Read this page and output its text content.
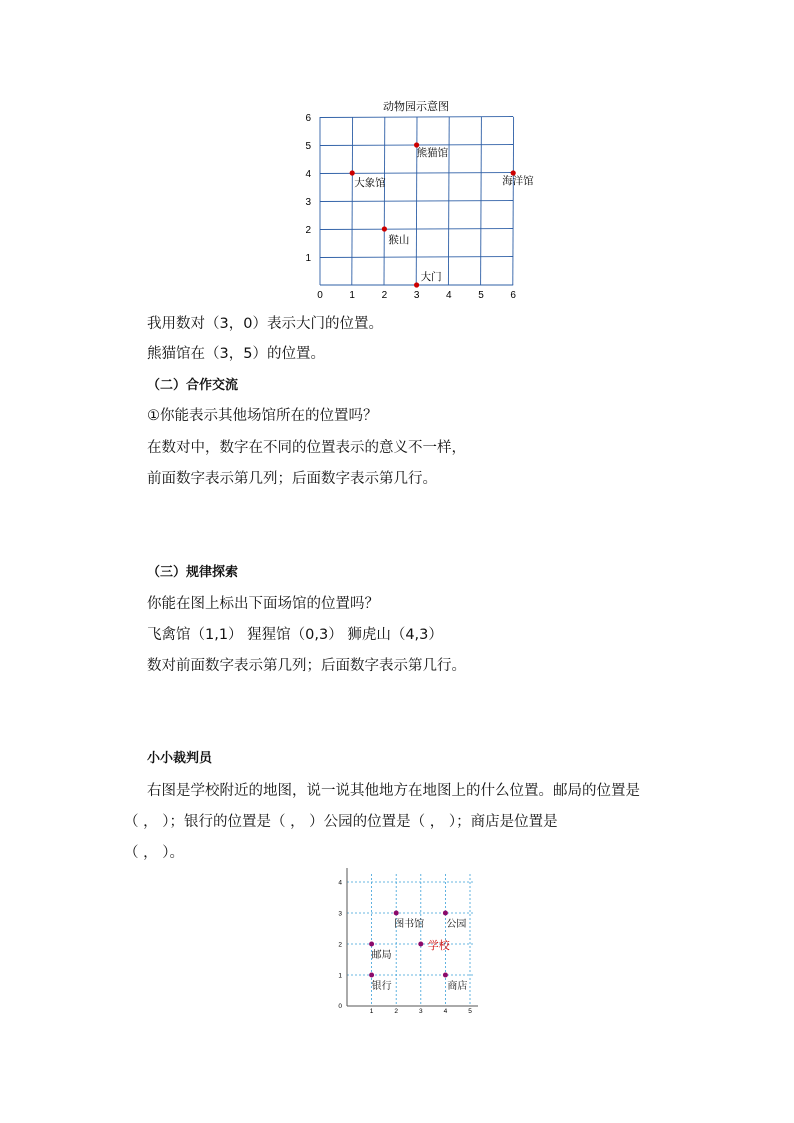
动物园示意图
0	1	2	3	4	5	6
1
2
3
4
5
6
大象馆
熊猫馆
海洋馆
猴山
大门
我用数对（3，0）表示大门的位置。
熊猫馆在（3，5）的位置。
（二）合作交流
①你能表示其他场馆所在的位置吗？
在数对中，数字在不同的位置表示的意义不一样，
前面数字表示第几列；后面数字表示第几行。
（三）规律探索
你能在图上标出下面场馆的位置吗？
飞禽馆（1,1） 猩猩馆（0,3） 狮虎山（4,3）
数对前面数字表示第几列；后面数字表示第几行。
小小裁判员
右图是学校附近的地图，说一说其他地方在地图上的什么位置。邮局的位置是
（ ， ）；银行的位置是（ ， ）公园的位置是（ ， ）；商店是位置是
（ ， ）。
1	2	3	4	5
1
2
3
4
0
图书馆 公园
邮局
学校
银行	商店
